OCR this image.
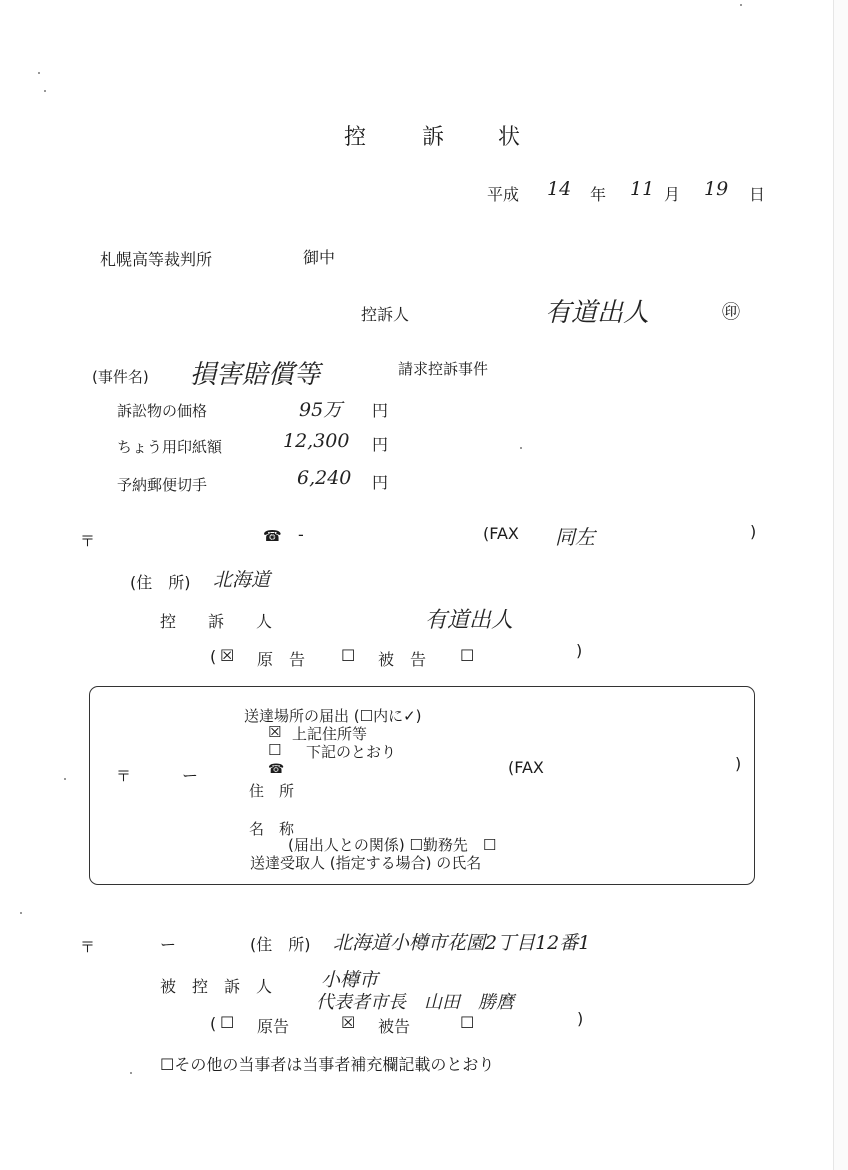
控	訴 状
平成 14 年 11 月 19 日
札幌高等裁判所	御中
控訴人	有道出人	㊞
(事件名) 損害賠償等	請求控訴事件
訴訟物の価格	95万 円
ちょう用印紙額	12,300 円
予納郵便切手	6,240 円
〒	☎ -	(FAX 同左	)
(住　所) 北海道
控　　訴　　人	有道出人
( ☒ 原　告 ☐ 被　告 ☐	)
送達場所の届出 (☐内に✓)
☒ 上記住所等
☐ 下記のとおり
〒	ー	☎	(FAX	)
住　所
名　称
(届出人との関係) ☐勤務先　☐
送達受取人 (指定する場合) の氏名
〒	ー	(住　所) 北海道小樽市花園2丁目12番1
被　控　訴　人	小樽市
代表者市長　山田　勝麿
( ☐ 原告	☒ 被告	☐	)
☐その他の当事者は当事者補充欄記載のとおり
